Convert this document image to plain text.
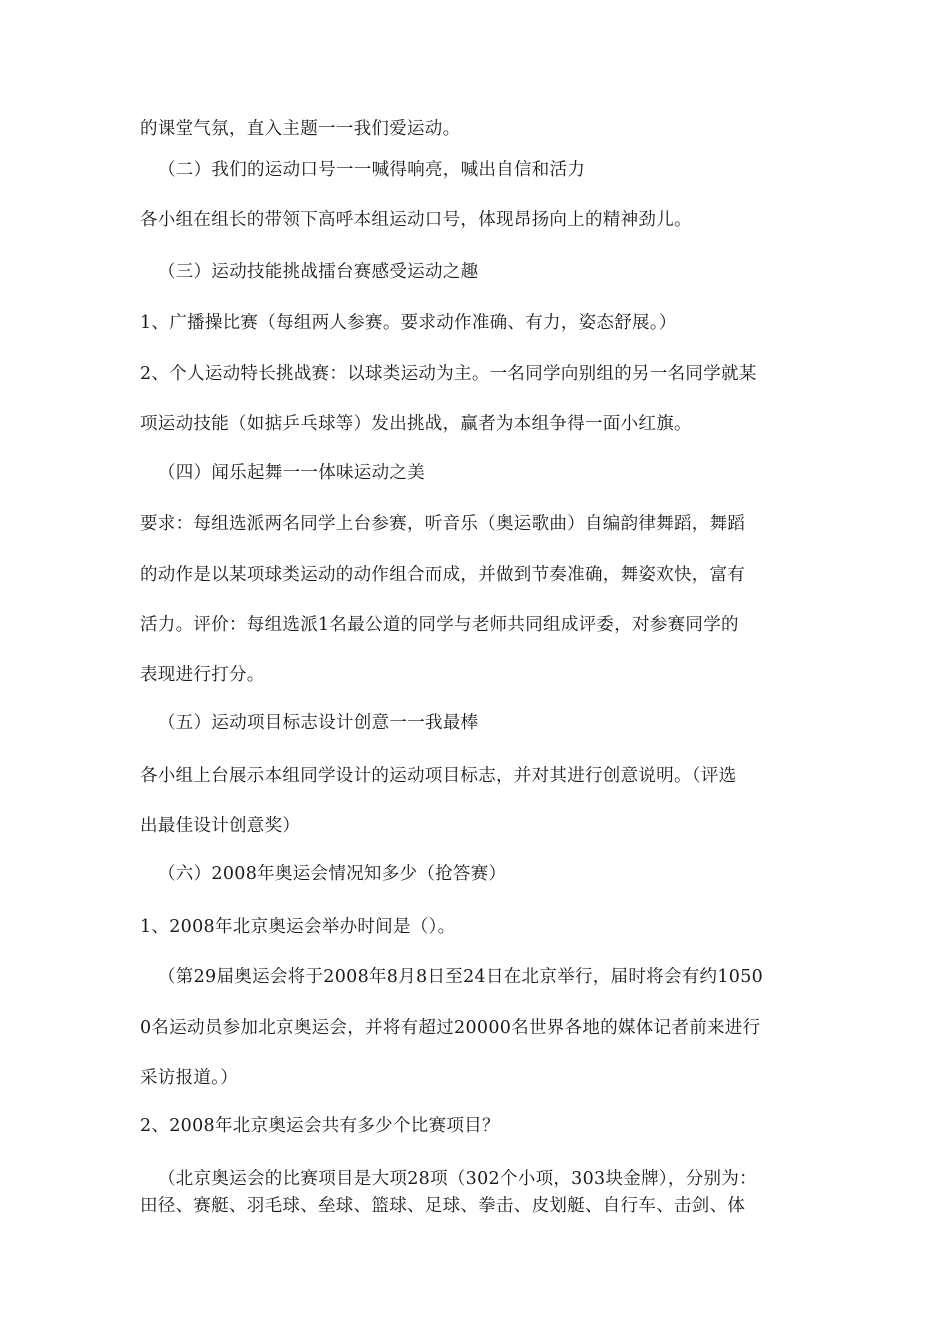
的课堂气氛，直入主题一一我们爱运动。
（二）我们的运动口号一一喊得响亮，喊出自信和活力
各小组在组长的带领下高呼本组运动口号，体现昂扬向上的精神劲儿。
（三）运动技能挑战擂台赛感受运动之趣
1、广播操比赛（每组两人参赛。要求动作准确、有力，姿态舒展。）
2、个人运动特长挑战赛：以球类运动为主。一名同学向别组的另一名同学就某
项运动技能（如掂乒乓球等）发出挑战，赢者为本组争得一面小红旗。
（四）闻乐起舞一一体味运动之美
要求：每组选派两名同学上台参赛，听音乐（奥运歌曲）自编韵律舞蹈，舞蹈
的动作是以某项球类运动的动作组合而成，并做到节奏准确，舞姿欢快，富有
活力。评价：每组选派1名最公道的同学与老师共同组成评委，对参赛同学的
表现进行打分。
（五）运动项目标志设计创意一一我最棒
各小组上台展示本组同学设计的运动项目标志，并对其进行创意说明。（评选
出最佳设计创意奖）
（六）2008年奥运会情况知多少（抢答赛）
1、2008年北京奥运会举办时间是（）。
（第29届奥运会将于2008年8月8日至24日在北京举行，届时将会有约1050
0名运动员参加北京奥运会，并将有超过20000名世界各地的媒体记者前来进行
采访报道。）
2、2008年北京奥运会共有多少个比赛项目？
（北京奥运会的比赛项目是大项28项（302个小项，303块金牌），分别为：
田径、赛艇、羽毛球、垒球、篮球、足球、拳击、皮划艇、自行车、击剑、体
